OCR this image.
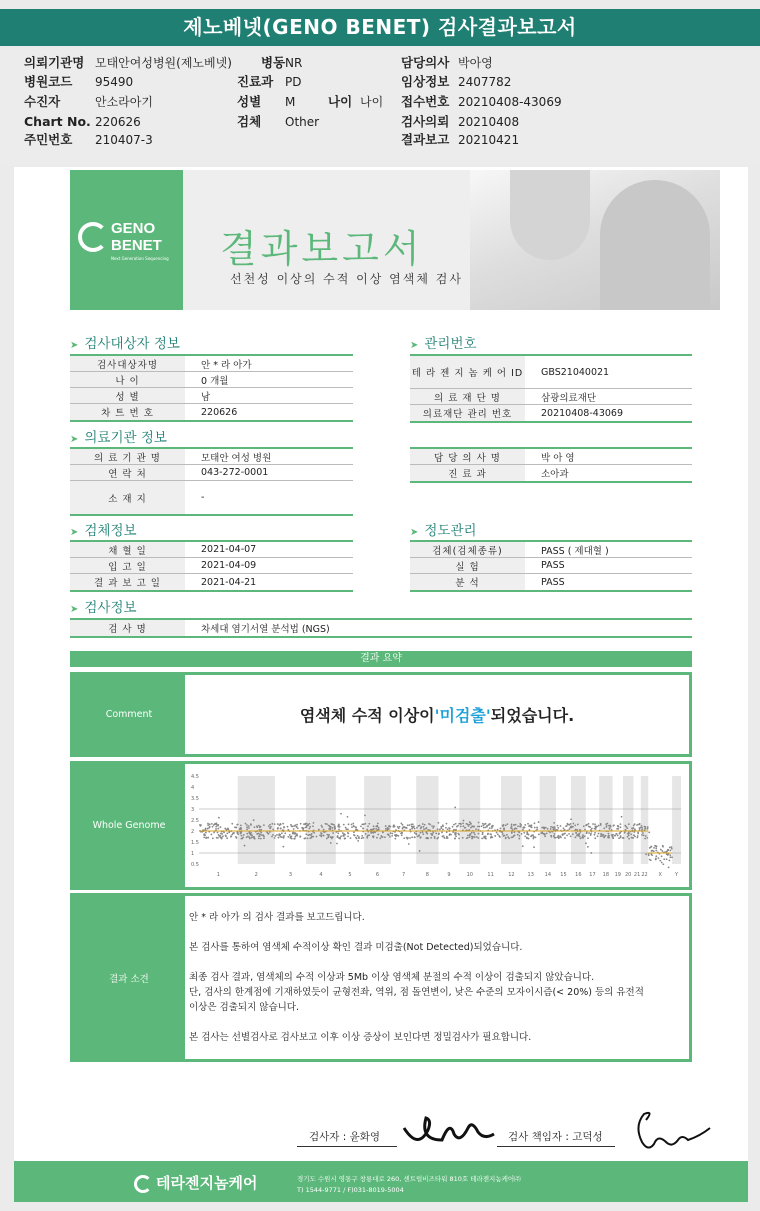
제노베넷(GENO BENET) 검사결과보고서
의뢰기관명 모태안여성병원(제노베넷) 병동 NR	담당의사 박아영
병원코드 95490	진료과 PD	임상정보 2407782
수진자	안소라아기	성별 M	나이 나이 접수번호 20210408-43069
Chart No. 220626	검체 Other	검사의뢰 20210408
주민번호 210407-3	결과보고 20210421
GENO
BENET
Next Generation Sequencing 결과보고서
선천성 이상의 수적 이상 염색체 검사
➤ 검사대상자 정보	➤ 관리번호
➤ 의료기관 정보
➤ 검체정보	➤ 정도관리
➤ 검사정보
검사대상자명	안 * 라 아가
나 이	0 개월
성 별	남
차 트 번 호	220626
테 라 젠 지 놈 케 어 ID	GBS21040021
의 료 재 단 명	삼광의료재단
의료재단 관리 번호	20210408-43069
의 료 기 관 명	모태안 여성 병원
연 락 처	043-272-0001
소 재 지	-
담 당 의 사 명	박 아 영
진 료 과	소아과
채 혈 일	2021-04-07
입 고 일	2021-04-09
결 과 보 고 일	2021-04-21
검체(검체종류)	PASS ( 제대혈 )
실 험	PASS
분 석	PASS
검 사 명	차세대 염기서열 분석법 (NGS)
결과 요약
Comment	염색체 수적 이상이 '미검출' 되었습니다.
Whole Genome
4.5
4
3.5
3
2.5
2
1.5
1
0.5
1	2	3	4	5	6	7	8	9	10	11	12	13 14 15 16 17 18 19 20 21 22 X	Y
결과 소견

안 * 라 아가 의 검사 결과를 보고드립니다.

본 검사를 통하여 염색체 수적이상 확인 결과 미검출(Not Detected)되었습니다.

최종 검사 결과, 염색체의 수적 이상과 5Mb 이상 염색체 분절의 수적 이상이 검출되지 않았습니다.

단, 검사의 한계점에 기재하였듯이 균형전좌, 역위, 점 돌연변이, 낮은 수준의 모자이시즘(< 20%) 등의 유전적

이상은 검출되지 않습니다.

본 검사는 선별검사로 검사보고 이후 이상 증상이 보인다면 정밀검사가 필요합니다.

검사자 : 윤화영	검사 책임자 : 고덕성
테라젠지놈케어	경기도 수원시 영통구 창룡대로 260, 센트럴비즈타워 810호 테라젠지놈케어㈜
T) 1544-9771 / F)031-8019-5004
